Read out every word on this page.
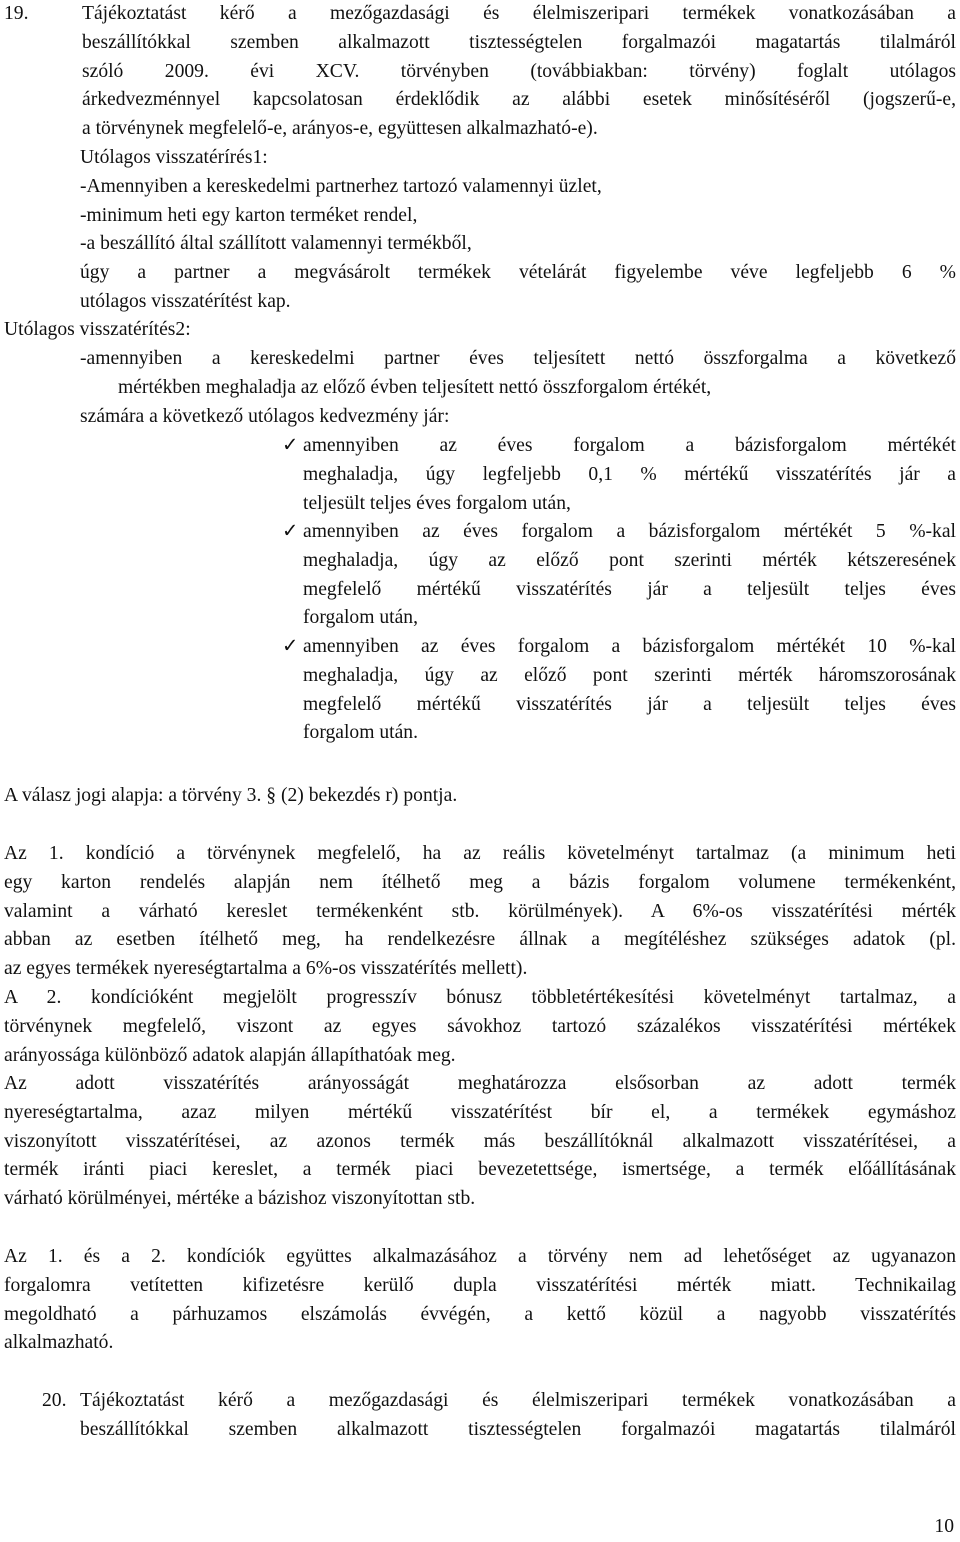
19.	Tájékoztatást kérő a mezőgazdasági és élelmiszeripari termékek vonatkozásában a
beszállítókkal szemben alkalmazott tisztességtelen forgalmazói magatartás tilalmáról
szóló 2009. évi XCV. törvényben (továbbiakban: törvény) foglalt utólagos
árkedvezménnyel kapcsolatosan érdeklődik az alábbi esetek minősítéséről (jogszerű-e,
a törvénynek megfelelő-e, arányos-e, együttesen alkalmazható-e).
Utólagos visszatérírés1:
-Amennyiben a kereskedelmi partnerhez tartozó valamennyi üzlet,
-minimum heti egy karton terméket rendel,
-a beszállító által szállított valamennyi termékből,
úgy a partner a megvásárolt termékek vételárát figyelembe véve legfeljebb 6 %
utólagos visszatérítést kap.
Utólagos visszatérítés2:
-amennyiben a kereskedelmi partner éves teljesített nettó összforgalma a következő
mértékben meghaladja az előző évben teljesített nettó összforgalom értékét,
számára a következő utólagos kedvezmény jár:
✓ amennyiben az éves forgalom a bázisforgalom mértékét
meghaladja, úgy legfeljebb 0,1 % mértékű visszatérítés jár a
teljesült teljes éves forgalom után,
✓ amennyiben az éves forgalom a bázisforgalom mértékét 5 %-kal
meghaladja, úgy az előző pont szerinti mérték kétszeresének
megfelelő mértékű visszatérítés jár a teljesült teljes éves
forgalom után,
✓ amennyiben az éves forgalom a bázisforgalom mértékét 10 %-kal
meghaladja, úgy az előző pont szerinti mérték háromszorosának
megfelelő mértékű visszatérítés jár a teljesült teljes éves
forgalom után.
A válasz jogi alapja: a törvény 3. § (2) bekezdés r) pontja.
Az 1. kondíció a törvénynek megfelelő, ha az reális követelményt tartalmaz (a minimum heti
egy karton rendelés alapján nem ítélhető meg a bázis forgalom volumene termékenként,
valamint a várható kereslet termékenként stb. körülmények). A 6%-os visszatérítési mérték
abban az esetben ítélhető meg, ha rendelkezésre állnak a megítéléshez szükséges adatok (pl.
az egyes termékek nyereségtartalma a 6%-os visszatérítés mellett).
A 2. kondícióként megjelölt progresszív bónusz többletértékesítési követelményt tartalmaz, a
törvénynek megfelelő, viszont az egyes sávokhoz tartozó százalékos visszatérítési mértékek
arányossága különböző adatok alapján állapíthatóak meg.
Az adott visszatérítés arányosságát meghatározza elsősorban az adott termék
nyereségtartalma, azaz milyen mértékű visszatérítést bír el, a termékek egymáshoz
viszonyított visszatérítései, az azonos termék más beszállítóknál alkalmazott visszatérítései, a
termék iránti piaci kereslet, a termék piaci bevezetettsége, ismertsége, a termék előállításának
várható körülményei, mértéke a bázishoz viszonyítottan stb.
Az 1. és a 2. kondíciók együttes alkalmazásához a törvény nem ad lehetőséget az ugyanazon
forgalomra vetítetten kifizetésre kerülő dupla visszatérítési mérték miatt. Technikailag
megoldható a párhuzamos elszámolás évvégén, a kettő közül a nagyobb visszatérítés
alkalmazható.
20. Tájékoztatást kérő a mezőgazdasági és élelmiszeripari termékek vonatkozásában a
beszállítókkal szemben alkalmazott tisztességtelen forgalmazói magatartás tilalmáról
10
